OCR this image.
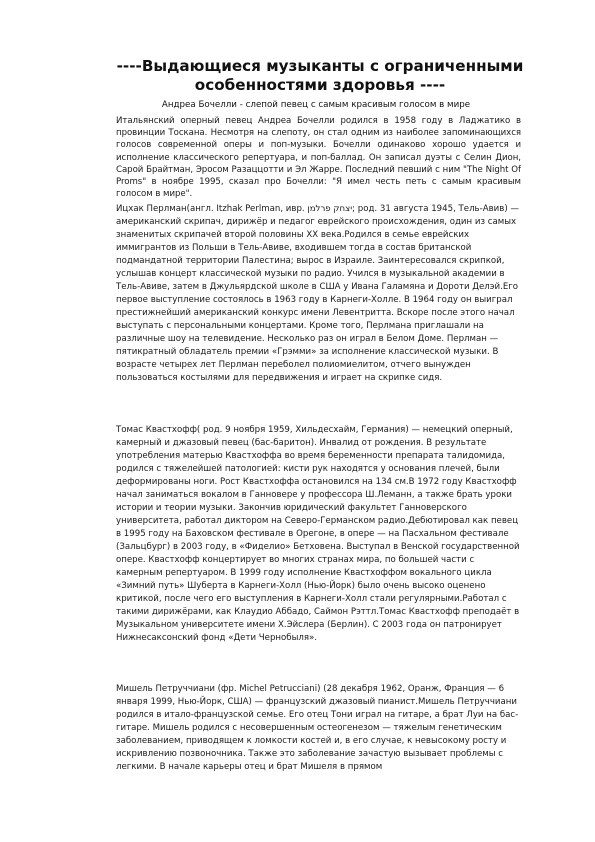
----Выдающиеся музыканты с ограниченными особенностями здоровья ----

Андреа Бочелли - слепой певец с самым красивым голосом в мире

Итальянский оперный певец Андреа Бочелли родился в 1958 году в Ладжатико в провинции Тоскана. Несмотря на слепоту, он стал одним из наиболее запоминающихся голосов современной оперы и поп-музыки. Бочелли одинаково хорошо удается и исполнение классического репертуара, и поп-баллад. Он записал дуэты с Селин Дион, Сарой Брайтман, Эросом Разаццотти и Эл Жарре. Последний певший с ним "The Night Of Proms" в ноябре 1995, сказал про Бочелли: "Я имел честь петь с самым красивым голосом в мире".

Ицхак Перлман(англ. Itzhak Perlman, ивр. יצחק פרלמן; род. 31 августа 1945, Тель-Авив) — американский скрипач, дирижёр и педагог еврейского происхождения, один из самых знаменитых скрипачей второй половины XX века.Родился в семье еврейских иммигрантов из Польши в Тель-Авиве, входившем тогда в состав британской подмандатной территории Палестина; вырос в Израиле. Заинтересовался скрипкой, услышав концерт классической музыки по радио. Учился в музыкальной академии в Тель-Авиве, затем в Джульярдской школе в США у Ивана Галамяна и Дороти Делэй.Его первое выступление состоялось в 1963 году в Карнеги-Холле. В 1964 году он выиграл престижнейший американский конкурс имени Левентритта. Вскоре после этого начал выступать с персональными концертами. Кроме того, Перлмана приглашали на различные шоу на телевидение. Несколько раз он играл в Белом Доме. Перлман — пятикратный обладатель премии «Грэмми» за исполнение классической музыки. В возрасте четырех лет Перлман переболел полиомиелитом, отчего вынужден пользоваться костылями для передвижения и играет на скрипке сидя.

Томас Квастхофф( род. 9 ноября 1959, Хильдесхайм, Германия) — немецкий оперный, камерный и джазовый певец (бас-баритон). Инвалид от рождения. В результате употребления матерью Квастхоффа во время беременности препарата талидомида, родился с тяжелейшей патологией: кисти рук находятся у основания плечей, были деформированы ноги. Рост Квастхоффа остановился на 134 см.В 1972 году Квастхофф начал заниматься вокалом в Ганновере у профессора Ш.Леманн, а также брать уроки истории и теории музыки. Закончив юридический факультет Ганноверского университета, работал диктором на Северо-Германском радио.Дебютировал как певец в 1995 году на Баховском фестивале в Орегоне, в опере — на Пасхальном фестивале (Зальцбург) в 2003 году, в «Фиделио» Бетховена. Выступал в Венской государственной опере. Квастхофф концертирует во многих странах мира, по большей части с камерным репертуаром. В 1999 году исполнение Квастхоффом вокального цикла «Зимний путь» Шуберта в Карнеги-Холл (Нью-Йорк) было очень высоко оценено критикой, после чего его выступления в Карнеги-Холл стали регулярными.Работал с такими дирижёрами, как Клаудио Аббадо, Саймон Рэттл.Томас Квастхофф преподаёт в Музыкальном университете имени Х.Эйслера (Берлин). С 2003 года он патронирует Нижнесаксонский фонд «Дети Чернобыля».

Мишель Петруччиани (фр. Michel Petrucciani) (28 декабря 1962, Оранж, Франция — 6 января 1999, Нью-Йорк, США) — французский джазовый пианист.Мишель Петруччиани родился в итало-французской семье. Его отец Тони играл на гитаре, а брат Луи на бас-гитаре. Мишель родился с несовершенным остеогенезом — тяжелым генетическим заболеванием, приводящем к ломкости костей и, в его случае, к невысокому росту и искривлению позвоночника. Также это заболевание зачастую вызывает проблемы с легкими. В начале карьеры отец и брат Мишеля в прямом
